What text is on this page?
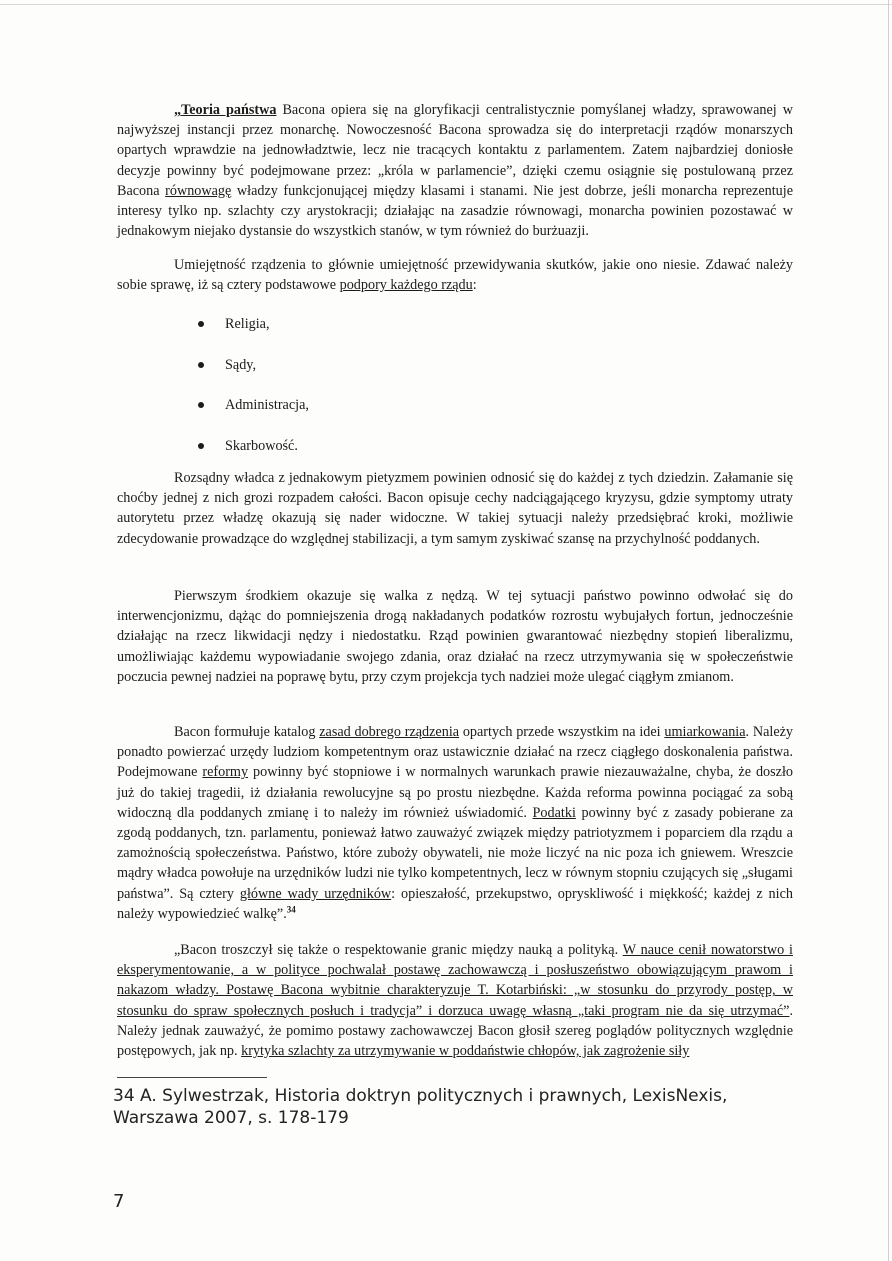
„Teoria państwa Bacona opiera się na gloryfikacji centralistycznie pomyślanej władzy, sprawowanej w najwyższej instancji przez monarchę. Nowoczesność Bacona sprowadza się do interpretacji rządów monarszych opartych wprawdzie na jednowładztwie, lecz nie tracących kontaktu z parlamentem. Zatem najbardziej doniosłe decyzje powinny być podejmowane przez: „króla w parlamencie”, dzięki czemu osiągnie się postulowaną przez Bacona równowagę władzy funkcjonującej między klasami i stanami. Nie jest dobrze, jeśli monarcha reprezentuje interesy tylko np. szlachty czy arystokracji; działając na zasadzie równowagi, monarcha powinien pozostawać w jednakowym niejako dystansie do wszystkich stanów, w tym również do burżuazji.

Umiejętność rządzenia to głównie umiejętność przewidywania skutków, jakie ono niesie. Zdawać należy sobie sprawę, iż są cztery podstawowe podpory każdego rządu:

Religia,
Sądy,
Administracja,
Skarbowość.

Rozsądny władca z jednakowym pietyzmem powinien odnosić się do każdej z tych dziedzin. Załamanie się choćby jednej z nich grozi rozpadem całości. Bacon opisuje cechy nadciągającego kryzysu, gdzie symptomy utraty autorytetu przez władzę okazują się nader widoczne. W takiej sytuacji należy przedsiębrać kroki, możliwie zdecydowanie prowadzące do względnej stabilizacji, a tym samym zyskiwać szansę na przychylność poddanych.

Pierwszym środkiem okazuje się walka z nędzą. W tej sytuacji państwo powinno odwołać się do interwencjonizmu, dążąc do pomniejszenia drogą nakładanych podatków rozrostu wybujałych fortun, jednocześnie działając na rzecz likwidacji nędzy i niedostatku. Rząd powinien gwarantować niezbędny stopień liberalizmu, umożliwiając każdemu wypowiadanie swojego zdania, oraz działać na rzecz utrzymywania się w społeczeństwie poczucia pewnej nadziei na poprawę bytu, przy czym projekcja tych nadziei może ulegać ciągłym zmianom.

Bacon formułuje katalog zasad dobrego rządzenia opartych przede wszystkim na idei umiarkowania. Należy ponadto powierzać urzędy ludziom kompetentnym oraz ustawicznie działać na rzecz ciągłego doskonalenia państwa. Podejmowane reformy powinny być stopniowe i w normalnych warunkach prawie niezauważalne, chyba, że doszło już do takiej tragedii, iż działania rewolucyjne są po prostu niezbędne. Każda reforma powinna pociągać za sobą widoczną dla poddanych zmianę i to należy im również uświadomić. Podatki powinny być z zasady pobierane za zgodą poddanych, tzn. parlamentu, ponieważ łatwo zauważyć związek między patriotyzmem i poparciem dla rządu a zamożnością społeczeństwa. Państwo, które zuboży obywateli, nie może liczyć na nic poza ich gniewem. Wreszcie mądry władca powołuje na urzędników ludzi nie tylko kompetentnych, lecz w równym stopniu czujących się „sługami państwa”. Są cztery główne wady urzędników: opieszałość, przekupstwo, opryskliwość i miękkość; każdej z nich należy wypowiedzieć walkę”.$^{34}$

„Bacon troszczył się także o respektowanie granic między nauką a polityką. W nauce cenił nowatorstwo i eksperymentowanie, a w polityce pochwalał postawę zachowawczą i posłuszeństwo obowiązującym prawom i nakazom władzy. Postawę Bacona wybitnie charakteryzuje T. Kotarbiński: „w stosunku do przyrody postęp, w stosunku do spraw społecznych posłuch i tradycja” i dorzuca uwagę własną „taki program nie da się utrzymać”. Należy jednak zauważyć, że pomimo postawy zachowawczej Bacon głosił szereg poglądów politycznych względnie postępowych, jak np. krytyka szlachty za utrzymywanie w poddaństwie chłopów, jak zagrożenie siły

34 A. Sylwestrzak, Historia doktryn politycznych i prawnych, LexisNexis, Warszawa 2007, s. 178-179
7
